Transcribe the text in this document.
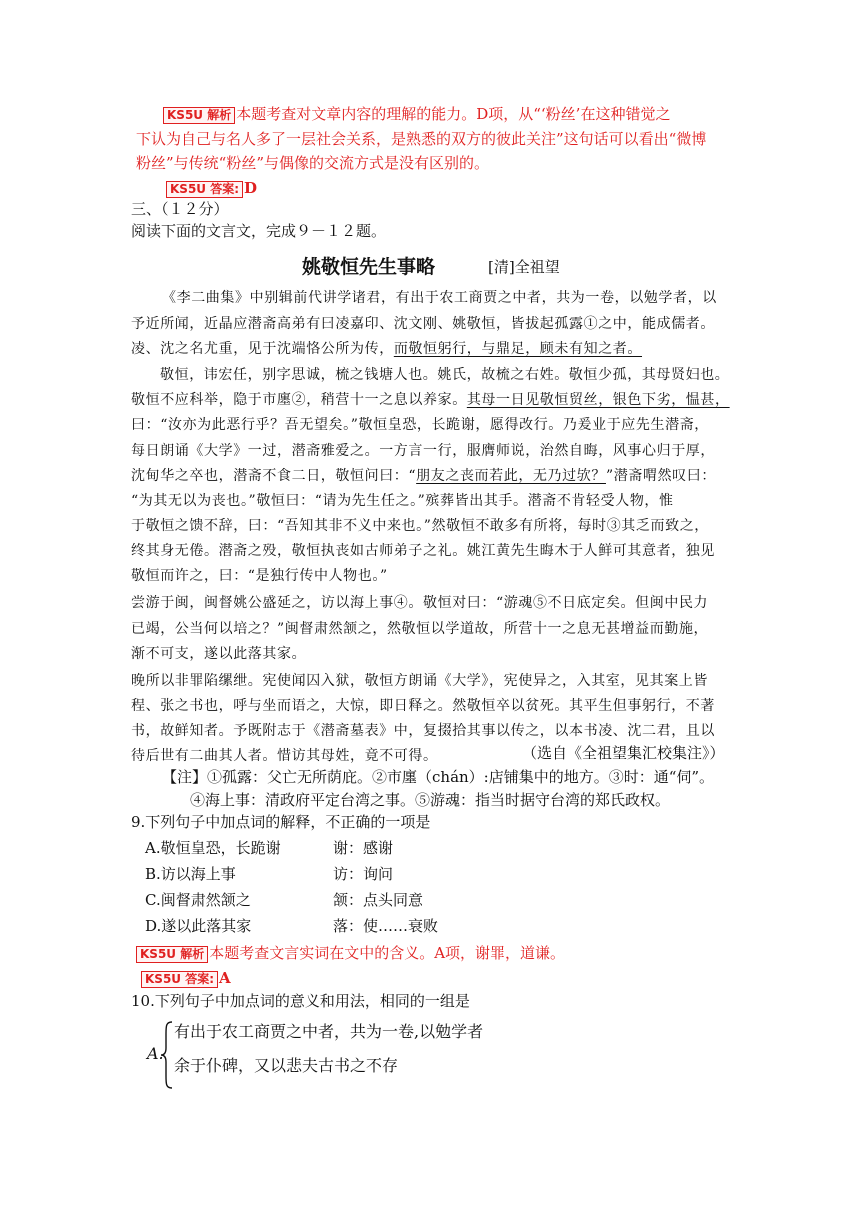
KS5U 解析 本题考查对文章内容的理解的能力。D项，从“‘粉丝’在这种错觉之
下认为自己与名人多了一层社会关系，是熟悉的双方的彼此关注”这句话可以看出“微博
粉丝”与传统“粉丝”与偶像的交流方式是没有区别的。
KS5U 答案: D
三、（１２分）
阅读下面的文言文，完成９－１２题。
姚敬恒先生事略	[清]全祖望
《李二曲集》中别辑前代讲学诸君，有出于农工商贾之中者，共为一卷，以勉学者，以
予近所闻，近晶应潜斋高弟有曰凌嘉印、沈文刚、姚敬恒，皆拔起孤露①之中，能成儒者。
凌、沈之名尤重，见于沈端恪公所为传，而敬恒躬行，与鼎足，顾未有知之者。
敬恒，讳宏任，别字思诚，梳之钱塘人也。姚氏，故梳之右姓。敬恒少孤，其母贤妇也。
敬恒不应科举，隐于市廛②，稍营十一之息以养家。其母一日见敬恒贸丝，银色下劣，愠甚，
曰：“汝亦为此恶行乎？吾无望矣。”敬恒皇恐，长跪谢，愿得改行。乃爰业于应先生潜斋，
每日朗诵《大学》一过，潜斋雅爱之。一方言一行，服膺师说，治然自晦，风事心归于厚，
沈甸华之卒也，潜斋不食二日，敬恒问曰：“朋友之丧而若此，无乃过欤？”潜斋喟然叹曰：
“为其无以为丧也。”敬恒曰：“请为先生任之。”殡葬皆出其手。潜斋不肯轻受人物，惟
于敬恒之馈不辞，曰：“吾知其非不义中来也。”然敬恒不敢多有所将，每时③其乏而致之，
终其身无倦。潜斋之殁，敬恒执丧如古师弟子之礼。姚江黄先生晦木于人鲜可其意者，独见
敬恒而许之，曰：“是独行传中人物也。”
尝游于闽，闽督姚公盛延之，访以海上事④。敬恒对曰：“游魂⑤不日底定矣。但闽中民力
已竭，公当何以培之？”闽督肃然颔之，然敬恒以学道故，所营十一之息无甚增益而勤施，
渐不可支，遂以此落其家。
晚所以非罪陷缧绁。宪使闻囚入狱，敬恒方朗诵《大学》，宪使异之，入其室，见其案上皆
程、张之书也，呼与坐而语之，大惊，即日释之。然敬恒卒以贫死。其平生但事躬行，不著
书，故鲜知者。予既附志于《潜斋墓表》中，复掇拾其事以传之，以本书凌、沈二君，且以
待后世有二曲其人者。惜访其母姓，竟不可得。	（选自《全祖望集汇校集注》）
【注】①孤露：父亡无所荫庇。②市廛（chán）:店铺集中的地方。③时：通“伺”。
④海上事：清政府平定台湾之事。⑤游魂：指当时据守台湾的郑氏政权。
9.下列句子中加点词的解释，不正确的一项是
A.敬恒皇恐，长跪谢	谢：感谢
B.访以海上事	访：询问
C.闽督肃然颔之	颔：点头同意
D.遂以此落其家	落：使……衰败
KS5U 解析 本题考查文言实词在文中的含义。A项，谢罪，道谦。
KS5U 答案: A
10.下列句子中加点词的意义和用法，相同的一组是
A.
有出于农工商贾之中者，共为一卷,以勉学者
余于仆碑，又以悲夫古书之不存
